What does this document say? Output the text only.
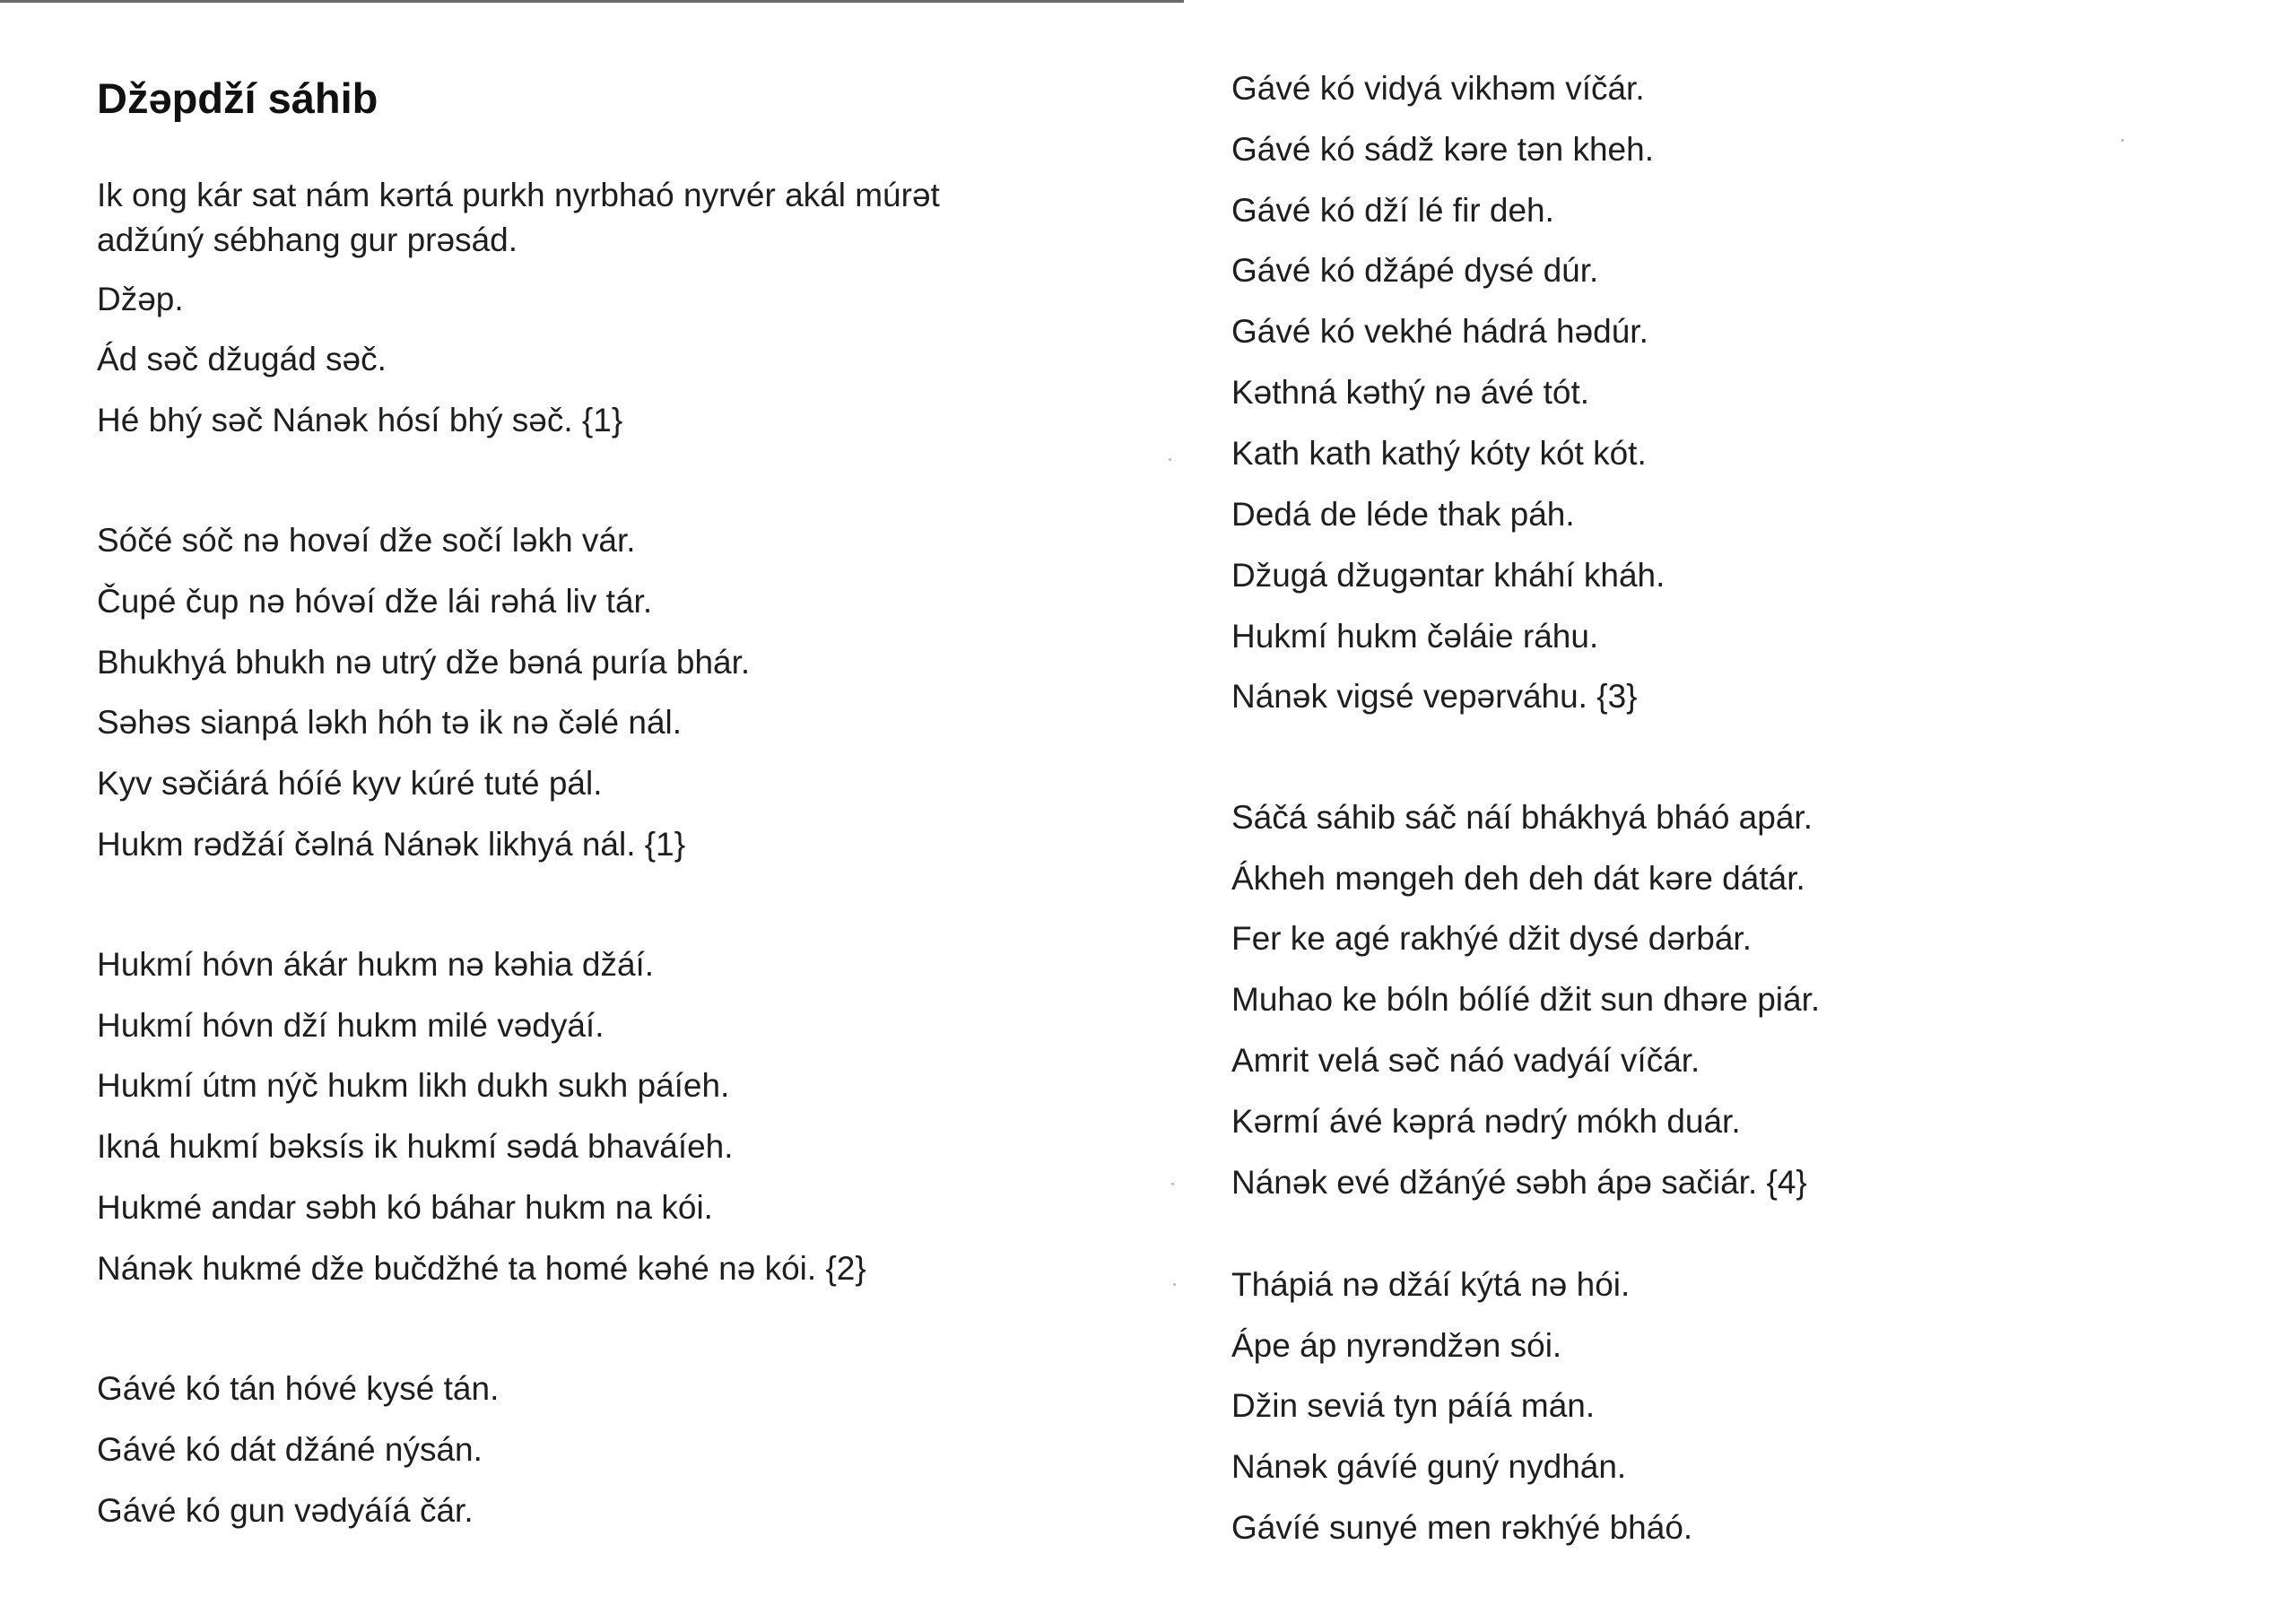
Džəpdží sáhib

Ik ong kár sat nám kərtá purkh nyrbhaó nyrvér akál múrət
adžúný sébhang gur prəsád.

Džəp.

Ád səč džugád səč.

Hé bhý səč Nánək hósí bhý səč. {1}

Sóčé sóč nə hovəí dže sočí ləkh vár.

Čupé čup nə hóvəí dže lái rəhá liv tár.

Bhukhyá bhukh nə utrý dže bəná puría bhár.

Səhəs sianpá ləkh hóh tə ik nə čəlé nál.

Kyv səčiárá hóíé kyv kúré tuté pál.

Hukm rədžáí čəlná Nánək likhyá nál. {1}

Hukmí hóvn ákár hukm nə kəhia džáí.

Hukmí hóvn dží hukm milé vədyáí.

Hukmí útm nýč hukm likh dukh sukh páíeh.

Ikná hukmí bəksís ik hukmí sədá bhaváíeh.

Hukmé andar səbh kó báhar hukm na kói.

Nánək hukmé dže bučdžhé ta homé kəhé nə kói. {2}

Gávé kó tán hóvé kysé tán.

Gávé kó dát džáné nýsán.

Gávé kó gun vədyáíá čár.

Gávé kó vidyá vikhəm víčár.

Gávé kó sádž kəre tən kheh.

Gávé kó dží lé fir deh.

Gávé kó džápé dysé dúr.

Gávé kó vekhé hádrá hədúr.

Kəthná kəthý nə ávé tót.

Kath kath kathý kóty kót kót.

Dedá de léde thak páh.

Džugá džugəntar kháhí kháh.

Hukmí hukm čəláie ráhu.

Nánək vigsé vepərváhu. {3}

Sáčá sáhib sáč náí bhákhyá bháó apár.

Ákheh məngeh deh deh dát kəre dátár.

Fer ke agé rakhýé džit dysé dərbár.

Muhao ke bóln bólíé džit sun dhəre piár.

Amrit velá səč náó vadyáí víčár.

Kərmí ávé kəprá nədrý mókh duár.

Nánək evé džánýé səbh ápə sačiár. {4}

Thápiá nə džáí kýtá nə hói.

Ápe áp nyrəndžən sói.

Džin seviá tyn páíá mán.

Nánək gávíé guný nydhán.

Gávíé sunyé men rəkhýé bháó.
